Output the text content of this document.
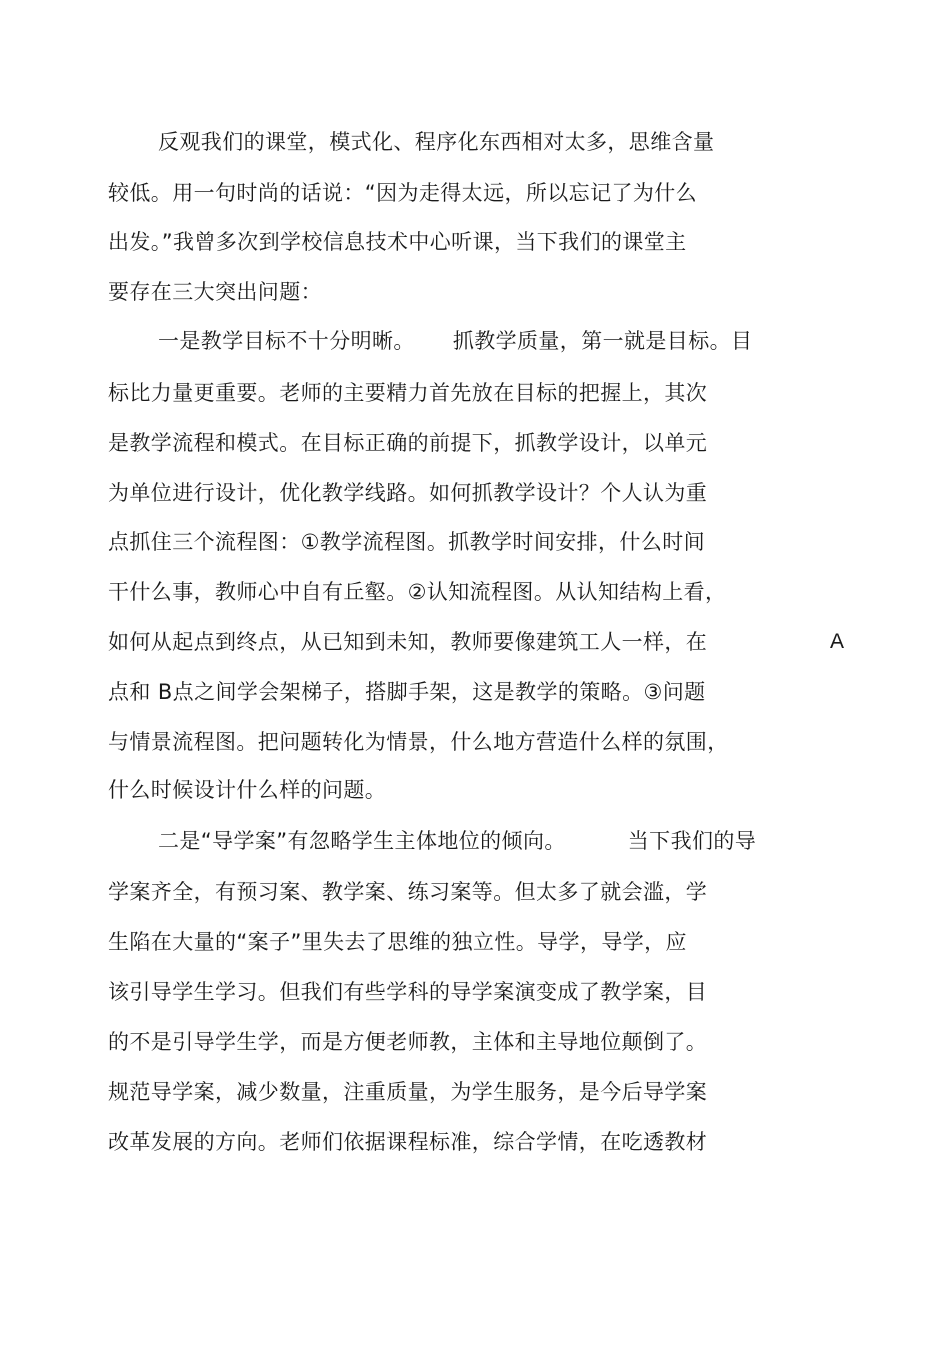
反观我们的课堂，模式化、程序化东西相对太多，思维含量
较低。用一句时尚的话说：“因为走得太远，所以忘记了为什么
出发。”我曾多次到学校信息技术中心听课，当下我们的课堂主
要存在三大突出问题：
一是教学目标不十分明晰。 抓教学质量，第一就是目标。目
标比力量更重要。老师的主要精力首先放在目标的把握上，其次
是教学流程和模式。在目标正确的前提下，抓教学设计，以单元
为单位进行设计，优化教学线路。如何抓教学设计？个人认为重
点抓住三个流程图：①教学流程图。抓教学时间安排，什么时间
干什么事，教师心中自有丘壑。②认知流程图。从认知结构上看，
如何从起点到终点，从已知到未知，教师要像建筑工人一样，在	A
点和 B点之间学会架梯子，搭脚手架，这是教学的策略。③问题
与情景流程图。把问题转化为情景，什么地方营造什么样的氛围，
什么时候设计什么样的问题。
二是“导学案”有忽略学生主体地位的倾向。	当下我们的导
学案齐全，有预习案、教学案、练习案等。但太多了就会滥，学
生陷在大量的“案子”里失去了思维的独立性。导学，导学，应
该引导学生学习。但我们有些学科的导学案演变成了教学案，目
的不是引导学生学，而是方便老师教，主体和主导地位颠倒了。
规范导学案，减少数量，注重质量，为学生服务，是今后导学案
改革发展的方向。老师们依据课程标准，综合学情，在吃透教材
